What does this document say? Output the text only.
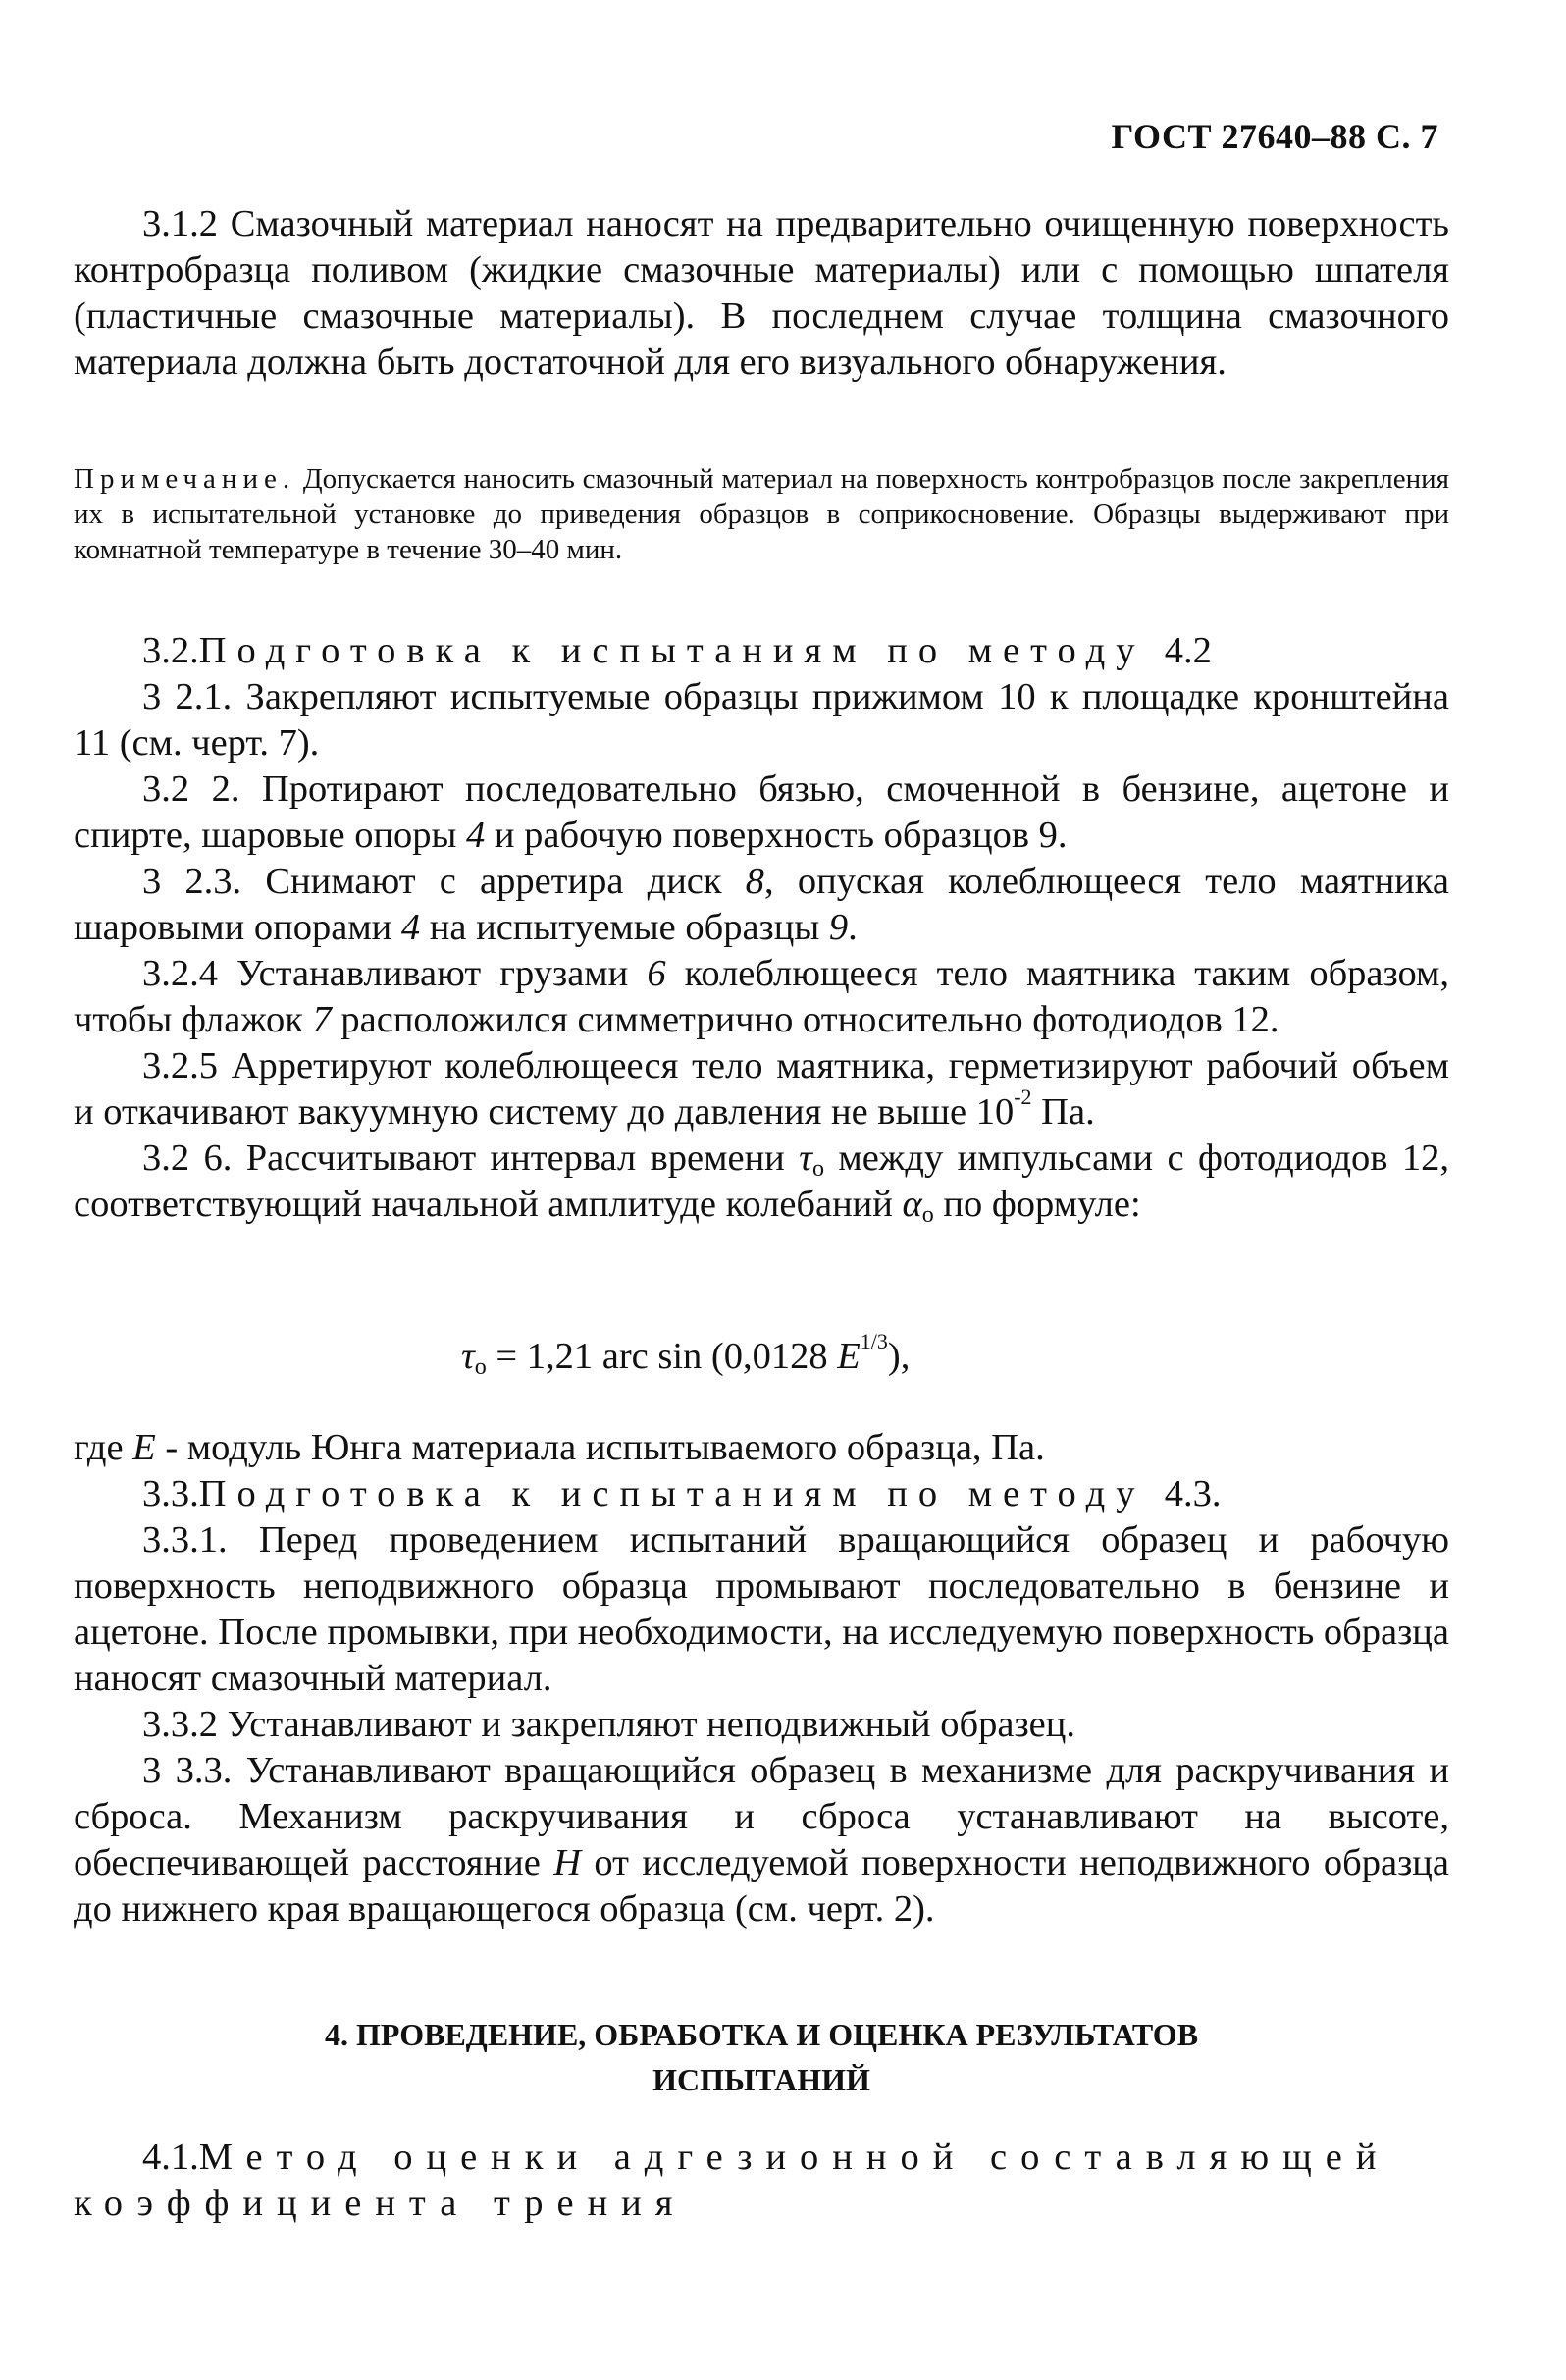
ГОСТ 27640–88 С. 7

3.1.2 Смазочный материал наносят на предварительно очищенную поверхность контробразца поливом (жидкие смазочные материалы) или с помощью шпателя (пластичные смазочные материалы). В последнем случае толщина смазочного материала должна быть достаточной для его визуального обнаружения.

Примечание. Допускается наносить смазочный материал на поверхность контробразцов после закрепления их в испытательной установке до приведения образцов в соприкосновение. Образцы выдерживают при комнатной температуре в течение 30–40 мин.

3.2.Подготовка к испытаниям по методу 4.2

3 2.1. Закрепляют испытуемые образцы прижимом 10 к площадке кронштейна 11 (см. черт. 7).

3.2 2. Протирают последовательно бязью, смоченной в бензине, ацетоне и спирте, шаровые опоры 4 и рабочую поверхность образцов 9.

3 2.3. Снимают с арретира диск 8, опуская колеблющееся тело маятника шаровыми опорами 4 на испытуемые образцы 9.

3.2.4 Устанавливают грузами 6 колеблющееся тело маятника таким образом, чтобы флажок 7 расположился симметрично относительно фотодиодов 12.

3.2.5 Арретируют колеблющееся тело маятника, герметизируют рабочий объем и откачивают вакуумную систему до давления не выше $10^{-2}$ Па.

3.2 6. Рассчитывают интервал времени $\tau_o$ между импульсами с фотодиодов 12, соответствующий начальной амплитуде колебаний $\alpha_o$ по формуле:

$\tau_o = 1,21$ arc sin (0,0128 $E^{1/3}$),

где E - модуль Юнга материала испытываемого образца, Па.

3.3.Подготовка к испытаниям по методу 4.3.

3.3.1. Перед проведением испытаний вращающийся образец и рабочую поверхность неподвижного образца промывают последовательно в бензине и ацетоне. После промывки, при необходимости, на исследуемую поверхность образца наносят смазочный материал.

3.3.2 Устанавливают и закрепляют неподвижный образец.

3 3.3. Устанавливают вращающийся образец в механизме для раскручивания и сброса. Механизм раскручивания и сброса устанавливают на высоте, обеспечивающей расстояние H от исследуемой поверхности неподвижного образца до нижнего края вращающегося образца (см. черт. 2).

4. ПРОВЕДЕНИЕ, ОБРАБОТКА И ОЦЕНКА РЕЗУЛЬТАТОВ
ИСПЫТАНИЙ

4.1.Метод оценки адгезионной составляющей коэффициента трения
